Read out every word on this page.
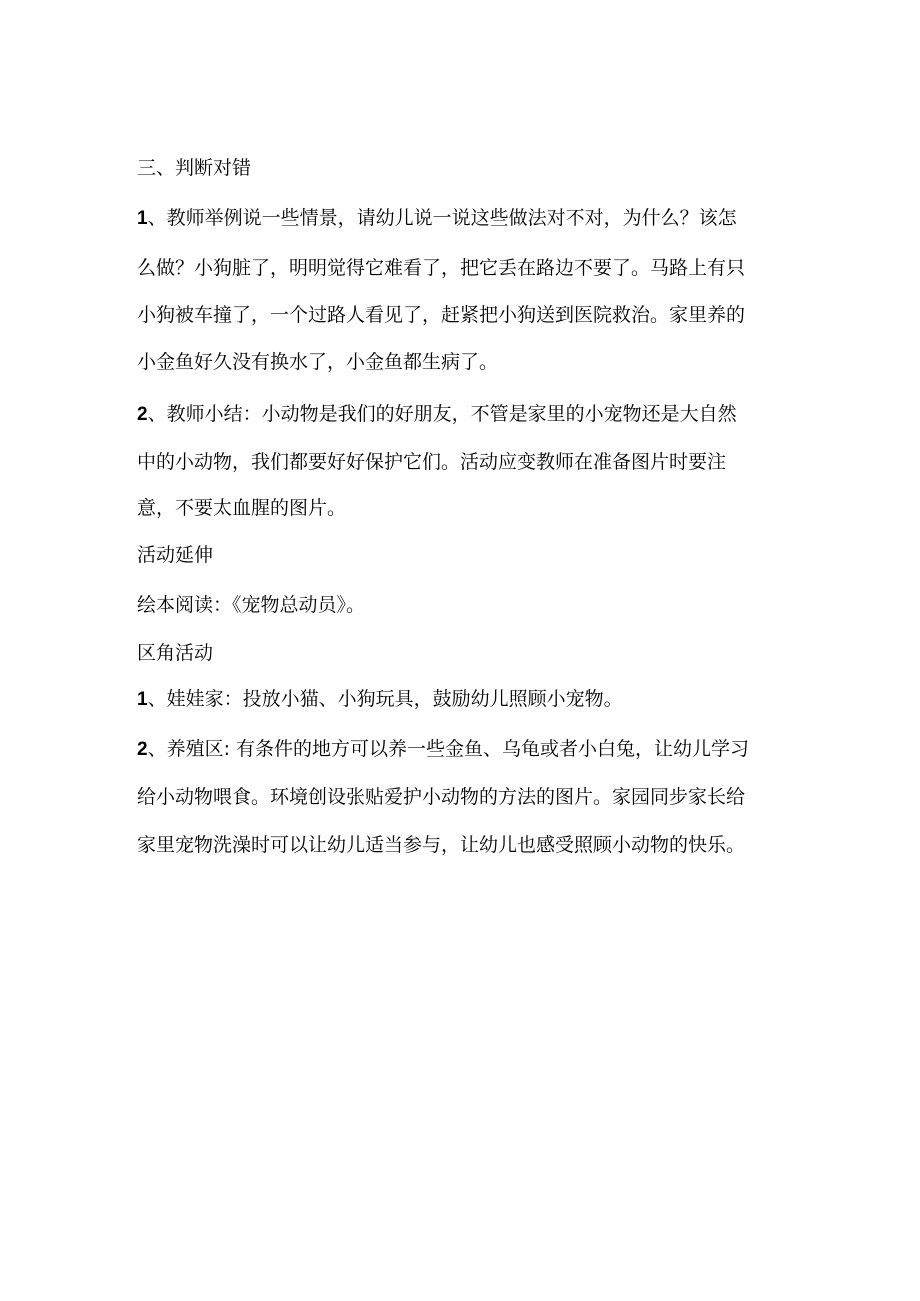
三、判断对错

1、教师举例说一些情景，请幼儿说一说这些做法对不对，为什么？该怎

么做？小狗脏了，明明觉得它难看了，把它丢在路边不要了。马路上有只

小狗被车撞了，一个过路人看见了，赶紧把小狗送到医院救治。家里养的

小金鱼好久没有换水了，小金鱼都生病了。

2、教师小结：小动物是我们的好朋友，不管是家里的小宠物还是大自然

中的小动物，我们都要好好保护它们。活动应变教师在准备图片时要注

意，不要太血腥的图片。

活动延伸

绘本阅读：《宠物总动员》。

区角活动

1、娃娃家：投放小猫、小狗玩具，鼓励幼儿照顾小宠物。

2、养殖区: 有条件的地方可以养一些金鱼、乌龟或者小白兔，让幼儿学习

给小动物喂食。环境创设张贴爱护小动物的方法的图片。家园同步家长给

家里宠物洗澡时可以让幼儿适当参与，让幼儿也感受照顾小动物的快乐。
